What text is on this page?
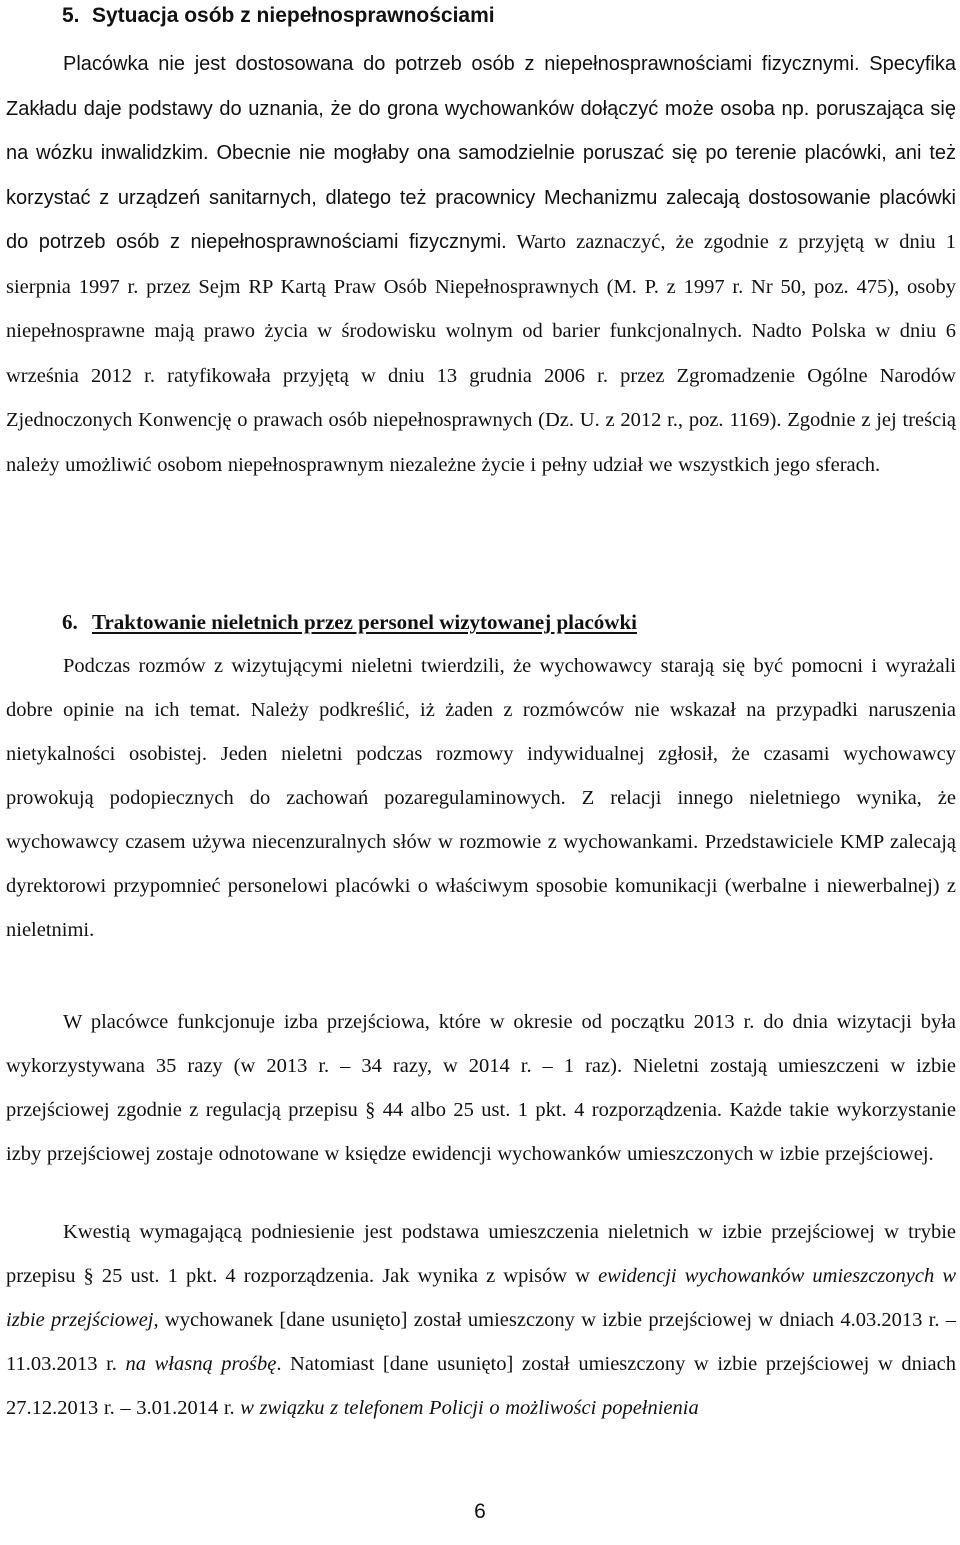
5. Sytuacja osób z niepełnosprawnościami

Placówka nie jest dostosowana do potrzeb osób z niepełnosprawnościami fizycznymi. Specyfika Zakładu daje podstawy do uznania, że do grona wychowanków dołączyć może osoba np. poruszająca się na wózku inwalidzkim. Obecnie nie mogłaby ona samodzielnie poruszać się po terenie placówki, ani też korzystać z urządzeń sanitarnych, dlatego też pracownicy Mechanizmu zalecają dostosowanie placówki do potrzeb osób z niepełnosprawnościami fizycznymi. Warto zaznaczyć, że zgodnie z przyjętą w dniu 1 sierpnia 1997 r. przez Sejm RP Kartą Praw Osób Niepełnosprawnych (M. P. z 1997 r. Nr 50, poz. 475), osoby niepełnosprawne mają prawo życia w środowisku wolnym od barier funkcjonalnych. Nadto Polska w dniu 6 września 2012 r. ratyfikowała przyjętą w dniu 13 grudnia 2006 r. przez Zgromadzenie Ogólne Narodów Zjednoczonych Konwencję o prawach osób niepełnosprawnych (Dz. U. z 2012 r., poz. 1169). Zgodnie z jej treścią należy umożliwić osobom niepełnosprawnym niezależne życie i pełny udział we wszystkich jego sferach.

6. Traktowanie nieletnich przez personel wizytowanej placówki

Podczas rozmów z wizytującymi nieletni twierdzili, że wychowawcy starają się być pomocni i wyrażali dobre opinie na ich temat. Należy podkreślić, iż żaden z rozmówców nie wskazał na przypadki naruszenia nietykalności osobistej. Jeden nieletni podczas rozmowy indywidualnej zgłosił, że czasami wychowawcy prowokują podopiecznych do zachowań pozaregulaminowych. Z relacji innego nieletniego wynika, że wychowawcy czasem używa niecenzuralnych słów w rozmowie z wychowankami. Przedstawiciele KMP zalecają dyrektorowi przypomnieć personelowi placówki o właściwym sposobie komunikacji (werbalne i niewerbalnej) z nieletnimi.

W placówce funkcjonuje izba przejściowa, które w okresie od początku 2013 r. do dnia wizytacji była wykorzystywana 35 razy (w 2013 r. – 34 razy, w 2014 r. – 1 raz). Nieletni zostają umieszczeni w izbie przejściowej zgodnie z regulacją przepisu § 44 albo 25 ust. 1 pkt. 4 rozporządzenia. Każde takie wykorzystanie izby przejściowej zostaje odnotowane w księdze ewidencji wychowanków umieszczonych w izbie przejściowej.

Kwestią wymagającą podniesienie jest podstawa umieszczenia nieletnich w izbie przejściowej w trybie przepisu § 25 ust. 1 pkt. 4 rozporządzenia. Jak wynika z wpisów w ewidencji wychowanków umieszczonych w izbie przejściowej, wychowanek [dane usunięto] został umieszczony w izbie przejściowej w dniach 4.03.2013 r. – 11.03.2013 r. na własną prośbę. Natomiast [dane usunięto] został umieszczony w izbie przejściowej w dniach 27.12.2013 r. – 3.01.2014 r. w związku z telefonem Policji o możliwości popełnienia

6
